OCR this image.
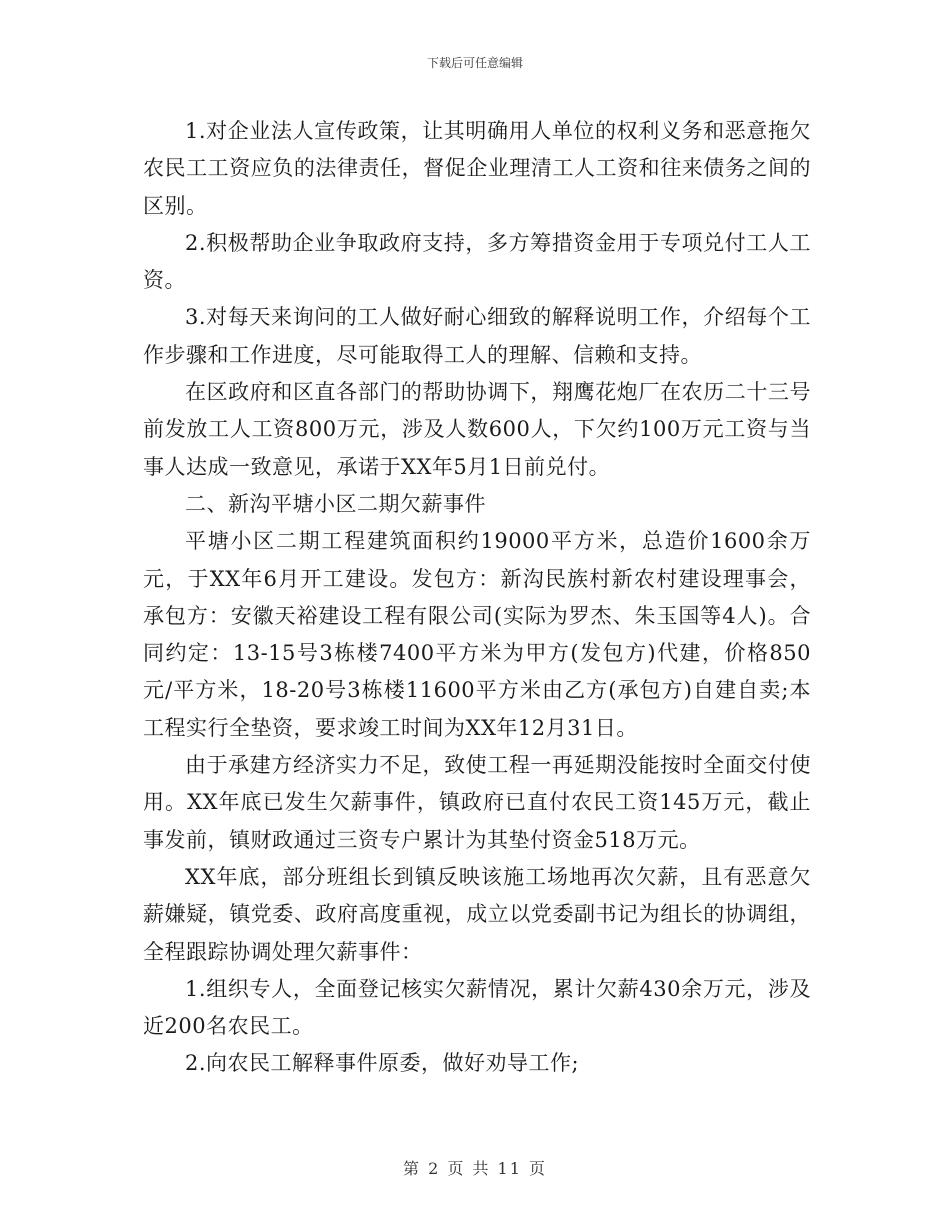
下载后可任意编辑

1.对企业法人宣传政策，让其明确用人单位的权利义务和恶意拖欠农民工工资应负的法律责任，督促企业理清工人工资和往来债务之间的区别。

2.积极帮助企业争取政府支持，多方筹措资金用于专项兑付工人工资。

3.对每天来询问的工人做好耐心细致的解释说明工作，介绍每个工作步骤和工作进度，尽可能取得工人的理解、信赖和支持。

在区政府和区直各部门的帮助协调下，翔鹰花炮厂在农历二十三号前发放工人工资800万元，涉及人数600人，下欠约100万元工资与当事人达成一致意见，承诺于XX年5月1日前兑付。

二、新沟平塘小区二期欠薪事件

平塘小区二期工程建筑面积约19000平方米，总造价1600余万元，于XX年6月开工建设。发包方：新沟民族村新农村建设理事会，承包方：安徽天裕建设工程有限公司(实际为罗杰、朱玉国等4人)。合同约定：13-15号3栋楼7400平方米为甲方(发包方)代建，价格850元/平方米，18-20号3栋楼11600平方米由乙方(承包方)自建自卖;本工程实行全垫资，要求竣工时间为XX年12月31日。

由于承建方经济实力不足，致使工程一再延期没能按时全面交付使用。XX年底已发生欠薪事件，镇政府已直付农民工资145万元，截止事发前，镇财政通过三资专户累计为其垫付资金518万元。

XX年底，部分班组长到镇反映该施工场地再次欠薪，且有恶意欠薪嫌疑，镇党委、政府高度重视，成立以党委副书记为组长的协调组，全程跟踪协调处理欠薪事件：

1.组织专人，全面登记核实欠薪情况，累计欠薪430余万元，涉及近200名农民工。

2.向农民工解释事件原委，做好劝导工作;

第 2 页 共 11 页
